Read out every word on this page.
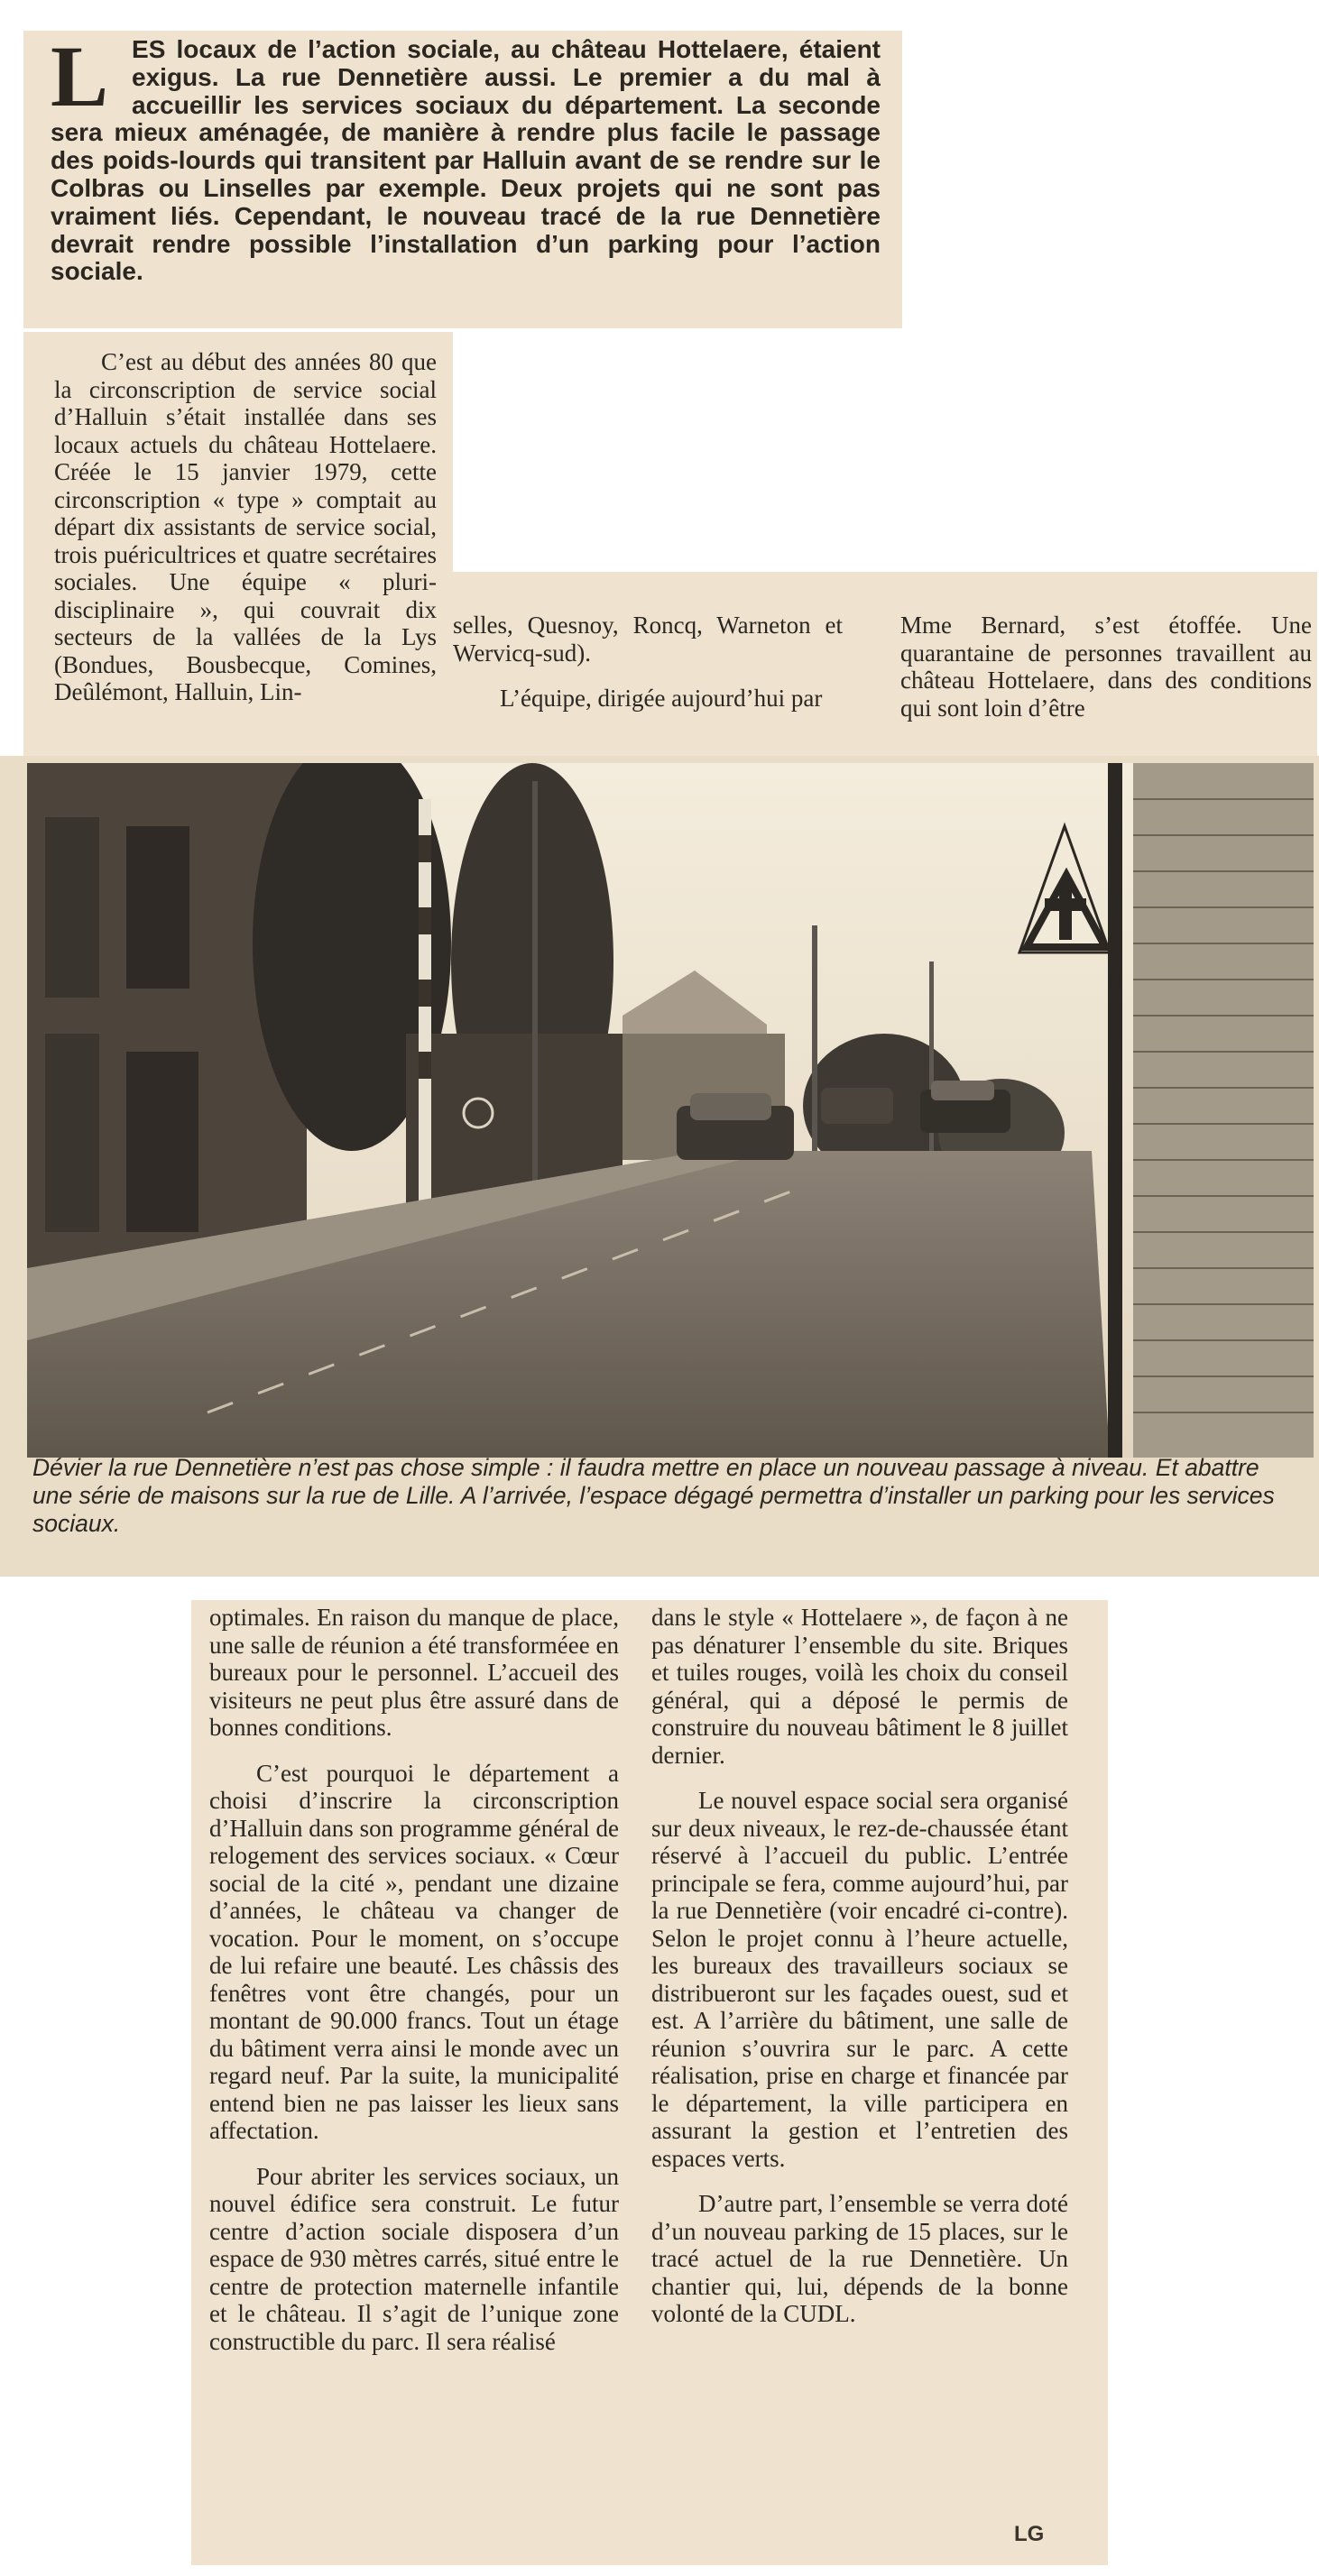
L ES locaux de l’action sociale, au château Hottelaere, étaient exigus. La rue Dennetière aussi. Le premier a du mal à accueillir les services sociaux du département. La seconde sera mieux aménagée, de manière à rendre plus facile le passage des poids-lourds qui transitent par Halluin avant de se rendre sur le Colbras ou Linselles par exemple. Deux projets qui ne sont pas vraiment liés. Cependant, le nouveau tracé de la rue Dennetière devrait rendre possible l’installation d’un parking pour l’action sociale.

C’est au début des années 80 que la circonscription de service social d’Halluin s’était installée dans ses locaux actuels du château Hottelaere. Créée le 15 janvier 1979, cette circonscription « type » comptait au départ dix assistants de service social, trois puéricultrices et quatre secrétaires sociales. Une équipe « pluri-disciplinaire », qui couvrait dix secteurs de la vallées de la Lys (Bondues, Bousbecque, Comines, Deûlémont, Halluin, Lin-

selles, Quesnoy, Roncq, Warneton et Wervicq-sud).

L’équipe, dirigée aujourd’hui par

Mme Bernard, s’est étoffée. Une quarantaine de personnes travaillent au château Hottelaere, dans des conditions qui sont loin d’être

Dévier la rue Dennetière n’est pas chose simple : il faudra mettre en place un nouveau passage à niveau. Et abattre une série de maisons sur la rue de Lille. A l’arrivée, l’espace dégagé permettra d’installer un parking pour les services sociaux.

optimales. En raison du manque de place, une salle de réunion a été transforméee en bureaux pour le personnel. L’accueil des visiteurs ne peut plus être assuré dans de bonnes conditions.

C’est pourquoi le département a choisi d’inscrire la circonscription d’Halluin dans son programme général de relogement des services sociaux. « Cœur social de la cité », pendant une dizaine d’années, le château va changer de vocation. Pour le moment, on s’occupe de lui refaire une beauté. Les châssis des fenêtres vont être changés, pour un montant de 90.000 francs. Tout un étage du bâtiment verra ainsi le monde avec un regard neuf. Par la suite, la municipalité entend bien ne pas laisser les lieux sans affectation.

Pour abriter les services sociaux, un nouvel édifice sera construit. Le futur centre d’action sociale disposera d’un espace de 930 mètres carrés, situé entre le centre de protection maternelle infantile et le château. Il s’agit de l’unique zone constructible du parc. Il sera réalisé

dans le style « Hottelaere », de façon à ne pas dénaturer l’ensemble du site. Briques et tuiles rouges, voilà les choix du conseil général, qui a déposé le permis de construire du nouveau bâtiment le 8 juillet dernier.

Le nouvel espace social sera organisé sur deux niveaux, le rez-de-chaussée étant réservé à l’accueil du public. L’entrée principale se fera, comme aujourd’hui, par la rue Dennetière (voir encadré ci-contre). Selon le projet connu à l’heure actuelle, les bureaux des travailleurs sociaux se distribueront sur les façades ouest, sud et est. A l’arrière du bâtiment, une salle de réunion s’ouvrira sur le parc. A cette réalisation, prise en charge et financée par le département, la ville participera en assurant la gestion et l’entretien des espaces verts.

D’autre part, l’ensemble se verra doté d’un nouveau parking de 15 places, sur le tracé actuel de la rue Dennetière. Un chantier qui, lui, dépends de la bonne volonté de la CUDL.

LG
